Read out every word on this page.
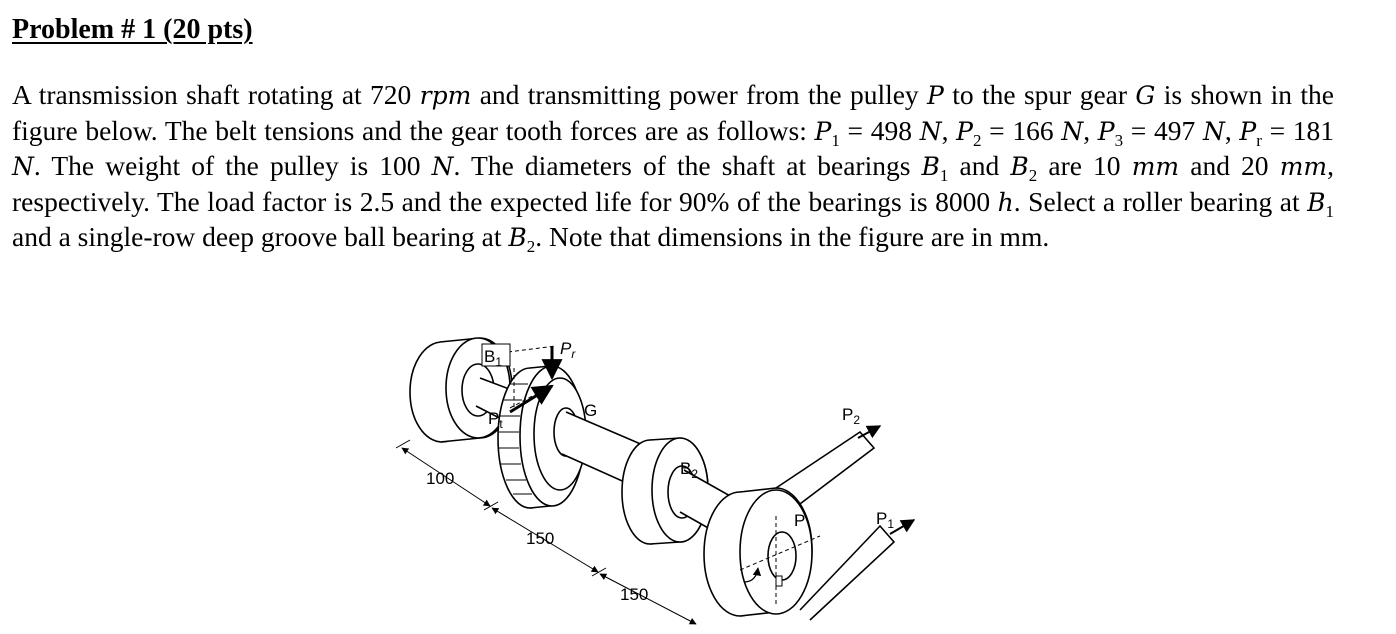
Problem # 1 (20 pts)
A transmission shaft rotating at 720 rpm and transmitting power from the pulley P to the spur gear G is shown in the figure below. The belt tensions and the gear tooth forces are as follows: $P_1 = 498$ N, $P_2 = 166$ N, $P_3 = 497$ N, $P_r = 181$ N. The weight of the pulley is 100 N. The diameters of the shaft at bearings $B_1$ and $B_2$ are 10 mm and 20 mm, respectively. The load factor is 2.5 and the expected life for 90% of the bearings is 8000 h. Select a roller bearing at $B_1$ and a single-row deep groove ball bearing at $B_2$. Note that dimensions in the figure are in mm.
$B_1$
$P_r$
$P_t$
G
$B_2$
$P_2$
P	$P_1$
100
150
150
